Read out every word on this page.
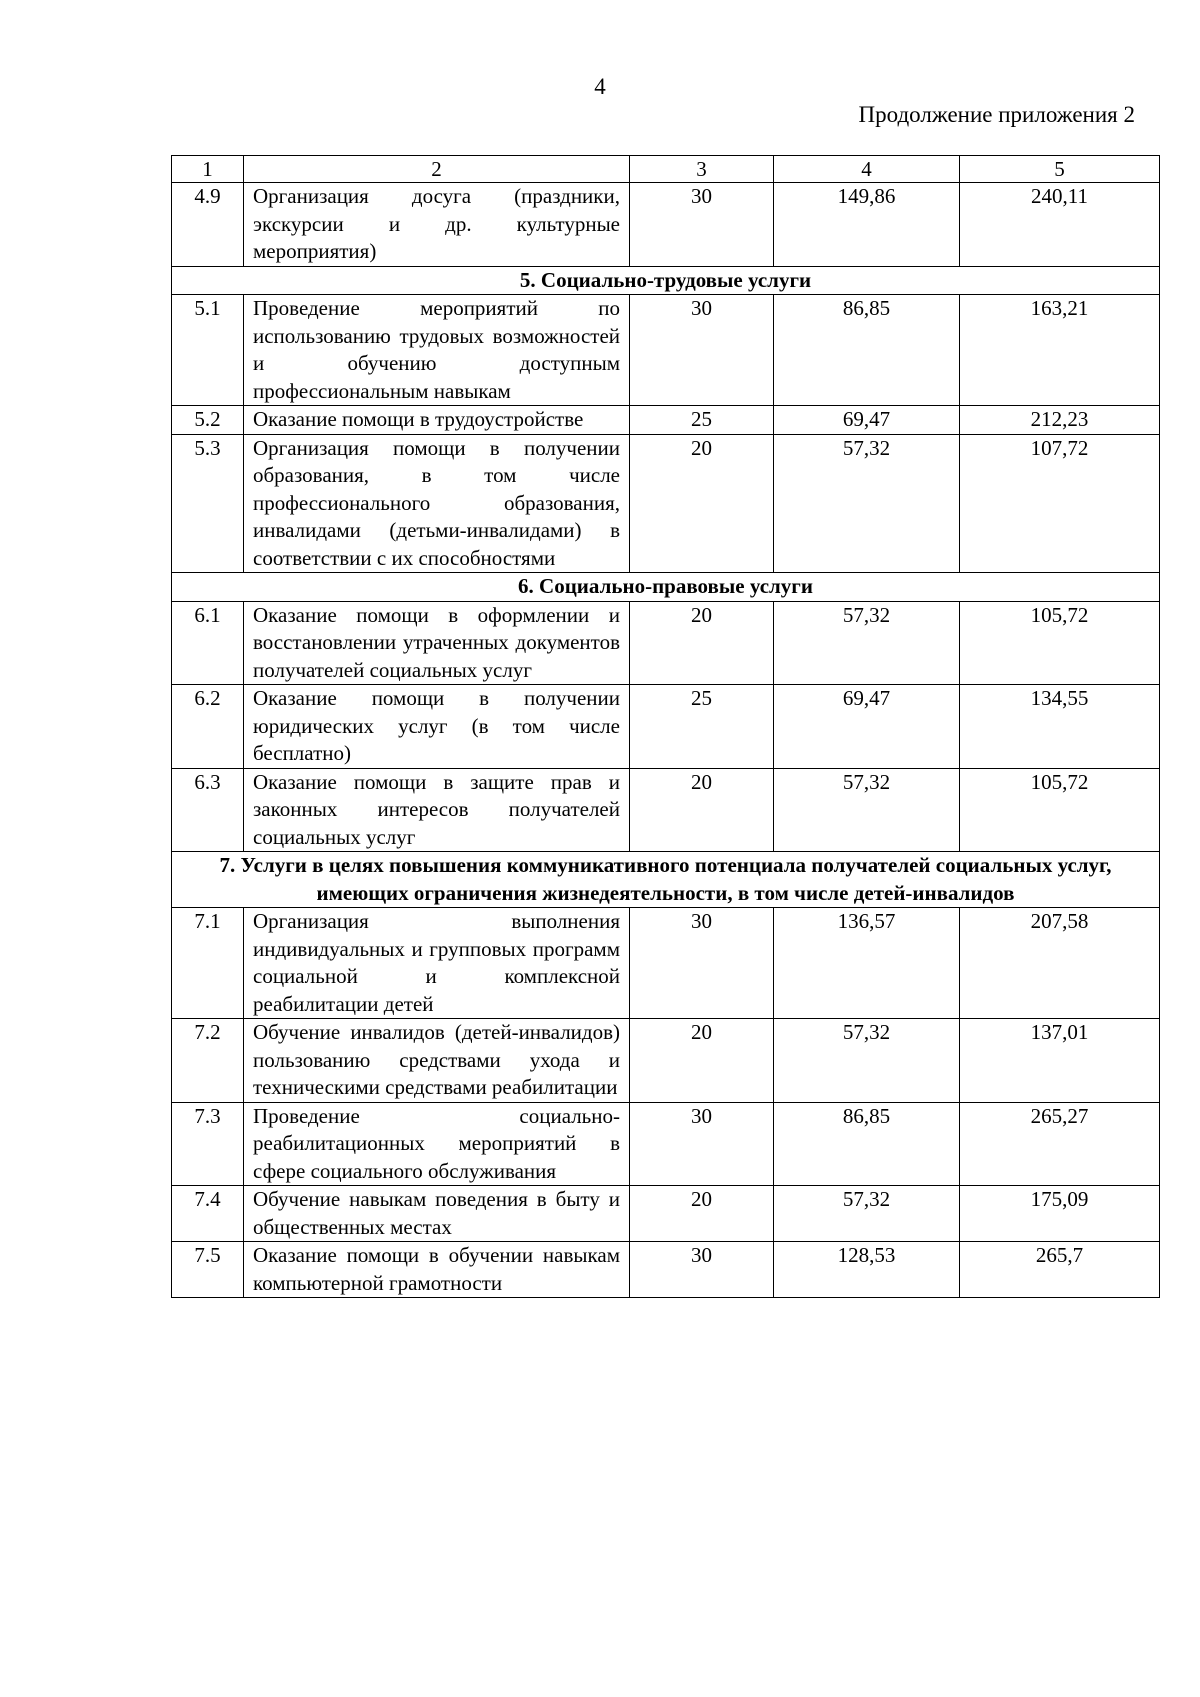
4
Продолжение приложения 2
1	2	3	4	5
4.9	Организация досуга (праздники, экскурсии и др. культурные мероприятия)	30	149,86	240,11
5. Социально-трудовые услуги				
5.1	Проведение мероприятий по использованию трудовых возможностей и обучению доступным профессиональным навыкам	30	86,85	163,21
5.2	Оказание помощи в трудоустройстве	25	69,47	212,23
5.3	Организация помощи в получении образования, в том числе профессионального образования, инвалидами (детьми-инвалидами) в соответствии с их способностями	20	57,32	107,72
6. Социально-правовые услуги				
6.1	Оказание помощи в оформлении и восстановлении утраченных документов получателей социальных услуг	20	57,32	105,72
6.2	Оказание помощи в получении юридических услуг (в том числе бесплатно)	25	69,47	134,55
6.3	Оказание помощи в защите прав и законных интересов получателей социальных услуг	20	57,32	105,72
7. Услуги в целях повышения коммуникативного потенциала получателей социальных услуг, имеющих ограничения жизнедеятельности, в том числе детей-инвалидов				
7.1	Организация выполнения индивидуальных и групповых программ социальной и комплексной реабилитации детей	30	136,57	207,58
7.2	Обучение инвалидов (детей-инвалидов) пользованию средствами ухода и техническими средствами реабилитации	20	57,32	137,01
7.3	Проведение социально-реабилитационных мероприятий в сфере социального обслуживания	30	86,85	265,27
7.4	Обучение навыкам поведения в быту и общественных местах	20	57,32	175,09
7.5	Оказание помощи в обучении навыкам компьютерной грамотности	30	128,53	265,7
